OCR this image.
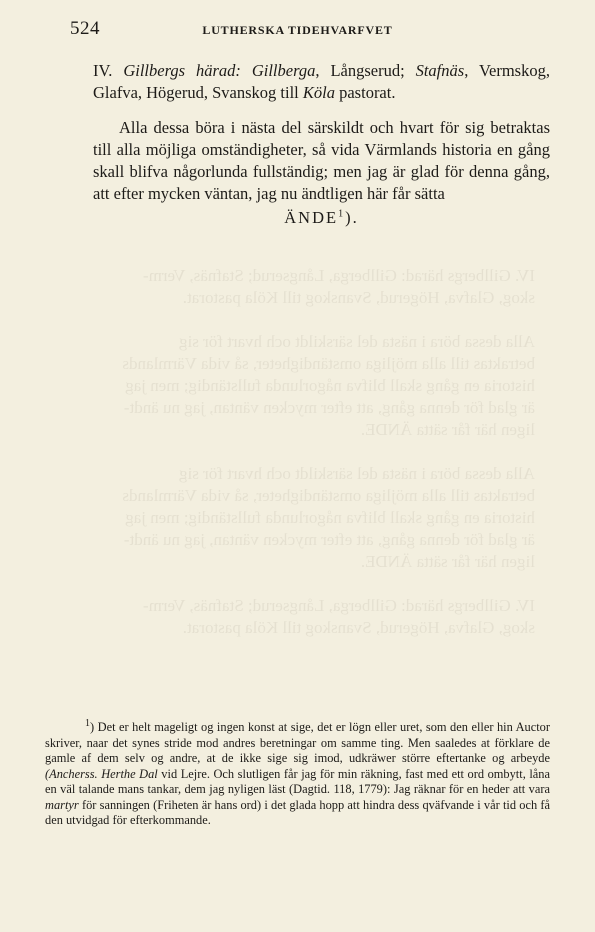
IV. Gillbergs härad: Gillberga, Långserud; Stafnäs, Verm-
skog, Glafva, Högerud, Svanskog till Köla pastorat.

Alla dessa böra i nästa del särskildt och hvart för sig
betraktas till alla möjliga omständigheter, så vida Värmlands
historia en gång skall blifva någorlunda fullständig; men jag
är glad för denna gång, att efter mycken väntan, jag nu ändt-
ligen här får sätta ÄNDE.

Alla dessa böra i nästa del särskildt och hvart för sig
betraktas till alla möjliga omständigheter, så vida Värmlands
historia en gång skall blifva någorlunda fullständig; men jag
är glad för denna gång, att efter mycken väntan, jag nu ändt-
ligen här får sätta ÄNDE.

IV. Gillbergs härad: Gillberga, Långserud; Stafnäs, Verm-
skog, Glafva, Högerud, Svanskog till Köla pastorat.
524	LUTHERSKA TIDEHVARFVET

IV. Gillbergs härad: Gillberga, Långserud; Stafnäs, Vermskog, Glafva, Högerud, Svanskog till Köla pastorat.

Alla dessa böra i nästa del särskildt och hvart för sig betraktas till alla möjliga omständigheter, så vida Värmlands historia en gång skall blifva någorlunda fullständig; men jag är glad för denna gång, att efter mycken väntan, jag nu ändtligen här får sätta

ÄNDE$^1$).

$^1$) Det er helt mageligt og ingen konst at sige, det er lögn eller uret, som den eller hin Auctor skriver, naar det synes stride mod andres beretningar om samme ting. Men saaledes at förklare de gamle af dem selv og andre, at de ikke sige sig imod, udkräwer större eftertanke og arbeyde (Ancherss. Herthe Dal vid Lejre. Och slutligen får jag för min räkning, fast med ett ord ombytt, låna en väl talande mans tankar, dem jag nyligen läst (Dagtid. 118, 1779): Jag räknar för en heder att vara martyr för sanningen (Friheten är hans ord) i det glada hopp att hindra dess qväfvande i vår tid och få den utvidgad för efterkommande.
